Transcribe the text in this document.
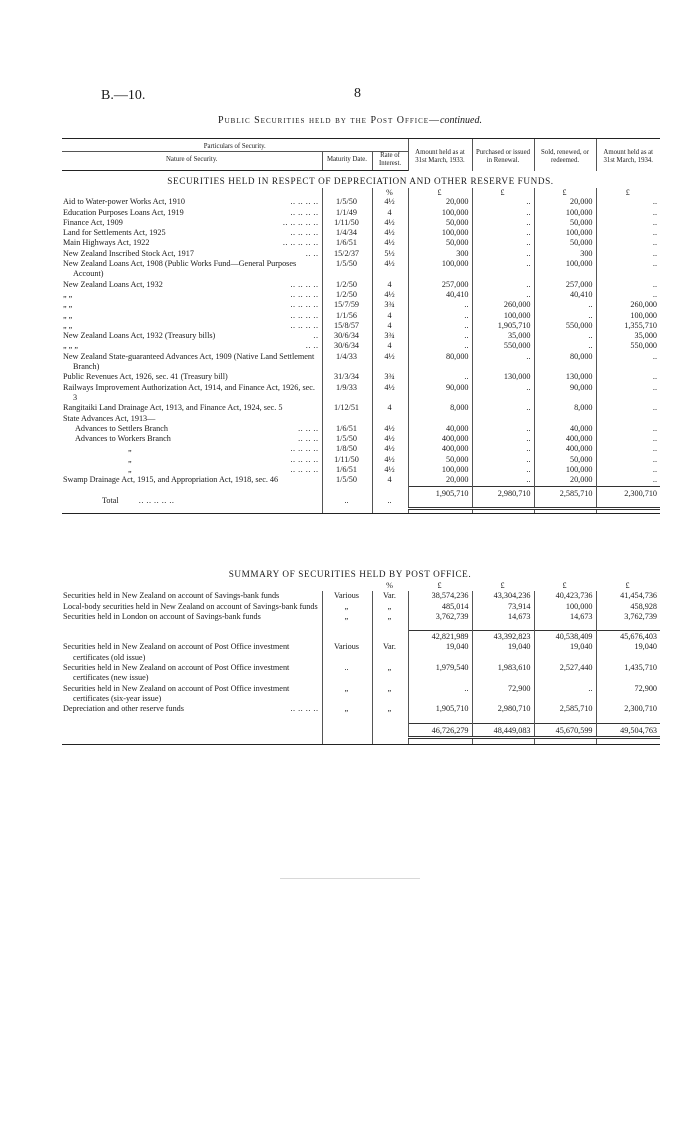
B.—10.	8
Public Securities held by the Post Office—continued.
Particulars of Security.			Amount held as at 31st March, 1933.	Purchased or issued in Renewal.	Sold, renewed, or redeemed.	Amount held as at 31st March, 1934.
Nature of Security.	Maturity Date.	Rate of Interest.				
SECURITIES HELD IN RESPECT OF DEPRECIATION AND OTHER RESERVE FUNDS.						
		%	£	£	£	£
Aid to Water-power Works Act, 1910 .. .. .. ..	1/5/50	4½	20,000	..	20,000	..
Education Purposes Loans Act, 1919 .. .. .. ..	1/1/49	4	100,000	..	100,000	..
Finance Act, 1909 .. .. .. .. ..	1/11/50	4½	50,000	..	50,000	..
Land for Settlements Act, 1925 .. .. .. ..	1/4/34	4½	100,000	..	100,000	..
Main Highways Act, 1922 .. .. .. .. ..	1/6/51	4½	50,000	..	50,000	..
New Zealand Inscribed Stock Act, 1917 .. ..	15/2/37	5½	300	..	300	..
New Zealand Loans Act, 1908 (Public Works Fund—General Purposes Account)	1/5/50	4½	100,000	..	100,000	..
New Zealand Loans Act, 1932 .. .. .. ..	1/2/50	4	257,000	..	257,000	..
„ „ .. .. .. ..	1/2/50	4½	40,410	..	40,410	..
„ „ .. .. .. ..	15/7/59	3¾	..	260,000	..	260,000
„ „ .. .. .. ..	1/1/56	4	..	100,000	..	100,000
„ „ .. .. .. ..	15/8/57	4	..	1,905,710	550,000	1,355,710
New Zealand Loans Act, 1932 (Treasury bills) ..	30/6/34	3¾	..	35,000	..	35,000
„ „ „ .. ..	30/6/34	4	..	550,000	..	550,000
New Zealand State-guaranteed Advances Act, 1909 (Native Land Settlement Branch)	1/4/33	4½	80,000	..	80,000	..
Public Revenues Act, 1926, sec. 41 (Treasury bill)	31/3/34	3¾	..	130,000	130,000	..
Railways Improvement Authorization Act, 1914, and Finance Act, 1926, sec. 3	1/9/33	4½	90,000	..	90,000	..
Rangitaiki Land Drainage Act, 1913, and Finance Act, 1924, sec. 5	1/12/51	4	8,000	..	8,000	..
State Advances Act, 1913—						
Advances to Settlers Branch .. .. ..	1/6/51	4½	40,000	..	40,000	..
Advances to Workers Branch .. .. ..	1/5/50	4½	400,000	..	400,000	..
„ .. .. .. ..	1/8/50	4½	400,000	..	400,000	..
„ .. .. .. ..	1/11/50	4½	50,000	..	50,000	..
„ .. .. .. ..	1/6/51	4½	100,000	..	100,000	..
Swamp Drainage Act, 1915, and Appropriation Act, 1918, sec. 46	1/5/50	4	20,000	..	20,000	..
Total .. .. .. .. ..	..	..	1,905,710	2,980,710	2,585,710	2,300,710

SUMMARY OF SECURITIES HELD BY POST OFFICE.
		%	£	£	£	£
Securities held in New Zealand on account of Savings-bank funds	Various	Var.	38,574,236	43,304,236	40,423,736	41,454,736
Local-body securities held in New Zealand on account of Savings-bank funds	„	„	485,014	73,914	100,000	458,928
Securities held in London on account of Savings-bank funds	„	„	3,762,739	14,673	14,673	3,762,739

			42,821,989	43,392,823	40,538,409	45,676,403
Securities held in New Zealand on account of Post Office investment certificates (old issue)	Various	Var.	19,040	19,040	19,040	19,040
Securities held in New Zealand on account of Post Office investment certificates (new issue)	..	„	1,979,540	1,983,610	2,527,440	1,435,710
Securities held in New Zealand on account of Post Office investment certificates (six-year issue)	„	„	..	72,900	..	72,900
Depreciation and other reserve funds .. .. .. ..	„	„	1,905,710	2,980,710	2,585,710	2,300,710

			46,726,279	48,449,083	45,670,599	49,504,763
